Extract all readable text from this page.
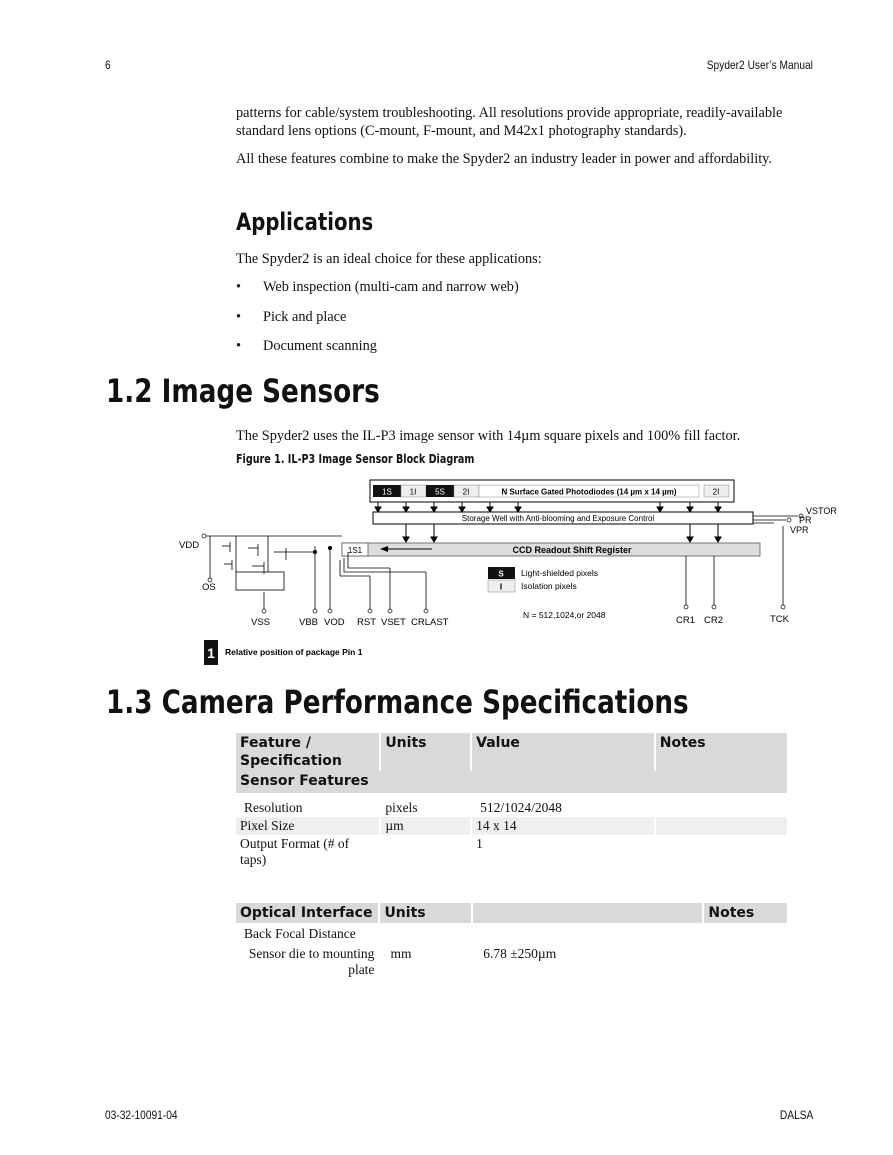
6	Spyder2 User’s Manual

patterns for cable/system troubleshooting. All resolutions provide appropriate, readily-available standard lens options (C-mount, F-mount, and M42x1 photography standards).

All these features combine to make the Spyder2 an industry leader in power and affordability.

Applications

The Spyder2 is an ideal choice for these applications:

• Web inspection (multi-cam and narrow web)
• Pick and place
• Document scanning
1.2 Image Sensors

The Spyder2 uses the IL-P3 image sensor with 14µm square pixels and 100% fill factor.

Figure 1. IL-P3 Image Sensor Block Diagram
1S 1I 5S 2I	N Surface Gated Photodiodes (14 µm x 14 µm)	2I
Storage Well with Anti-blooming and Exposure Control
VSTOR
PR
VPR
1S1	CCD Readout Shift Register
VDD
OS
VSS	VBB VOD RST VSET CRLAST	CR1 CR2	TCK
S Light-shielded pixels
I Isolation pixels
N = 512,1024,or 2048
1 Relative position of package Pin 1
1.3 Camera Performance Specifications
Feature / Specification	Units	Value	Notes
Sensor Features			
Resolution	pixels	512/1024/2048	
Pixel Size	µm	14 x 14	
Output Format (# of taps)		1	
Optical Interface	Units		Notes
Back Focal Distance			
Sensor die to mounting plate	mm	6.78 ±250µm	
03-32-10091-04	DALSA
